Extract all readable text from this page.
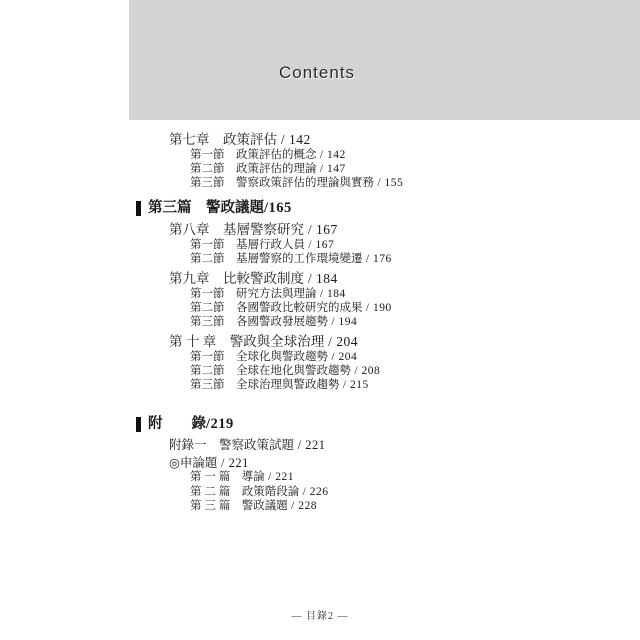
Contents
第七章　政策評估 / 142
第一節　政策評估的概念 / 142
第二節　政策評估的理論 / 147
第三節　警察政策評估的理論與實務 / 155
第三篇　警政議題 / 165
第八章　基層警察研究 / 167
第一節　基層行政人員 / 167
第二節　基層警察的工作環境變遷 / 176
第九章　比較警政制度 / 184
第一節　研究方法與理論 / 184
第二節　各國警政比較研究的成果 / 190
第三節　各國警政發展趨勢 / 194
第 十 章　警政與全球治理 / 204
第一節　全球化與警政趨勢 / 204
第二節　全球在地化與警政趨勢 / 208
第三節　全球治理與警政趨勢 / 215
附　　錄 / 219
附錄一　警察政策試題 / 221
◎申論題 / 221
第 一 篇　導論 / 221
第 二 篇　政策階段論 / 226
第 三 篇　警政議題 / 228
— 目錄2 —
